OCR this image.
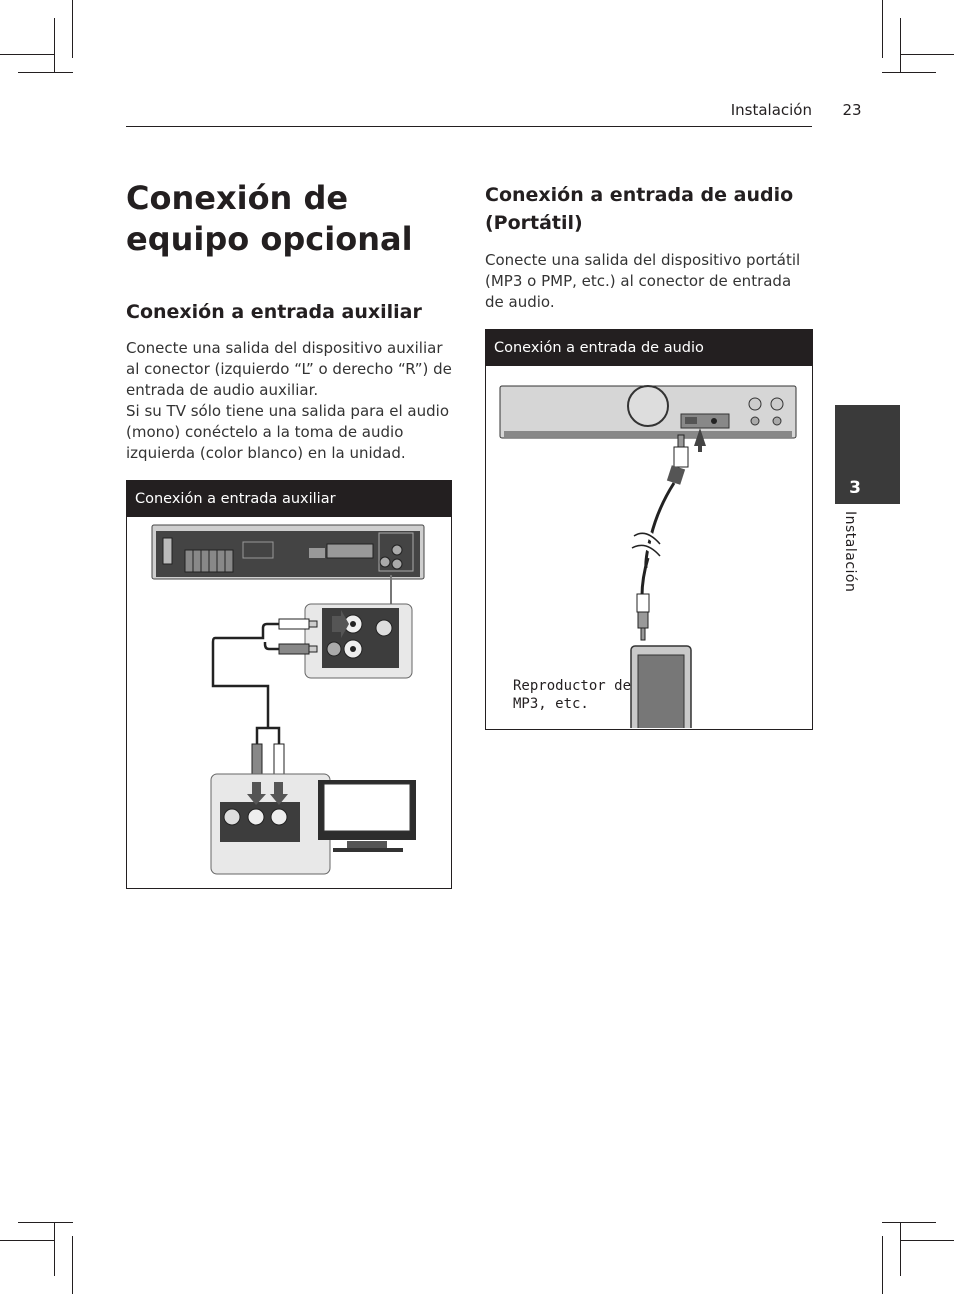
Instalación 23
3
Instalación
Conexión de equipo opcional
Conexión a entrada auxiliar

Conecte una salida del dispositivo auxiliar al conector (izquierdo “L” o derecho “R”) de entrada de audio auxiliar.

Si su TV sólo tiene una salida para el audio (mono) conéctelo a la toma de audio izquierda (color blanco) en la unidad.

Conexión a entrada auxiliar
Conexión a entrada de audio (Portátil)

Conecte una salida del dispositivo portátil (MP3 o PMP, etc.) al conector de entrada de audio.

Conexión a entrada de audio
Reproductor de
MP3, etc.
